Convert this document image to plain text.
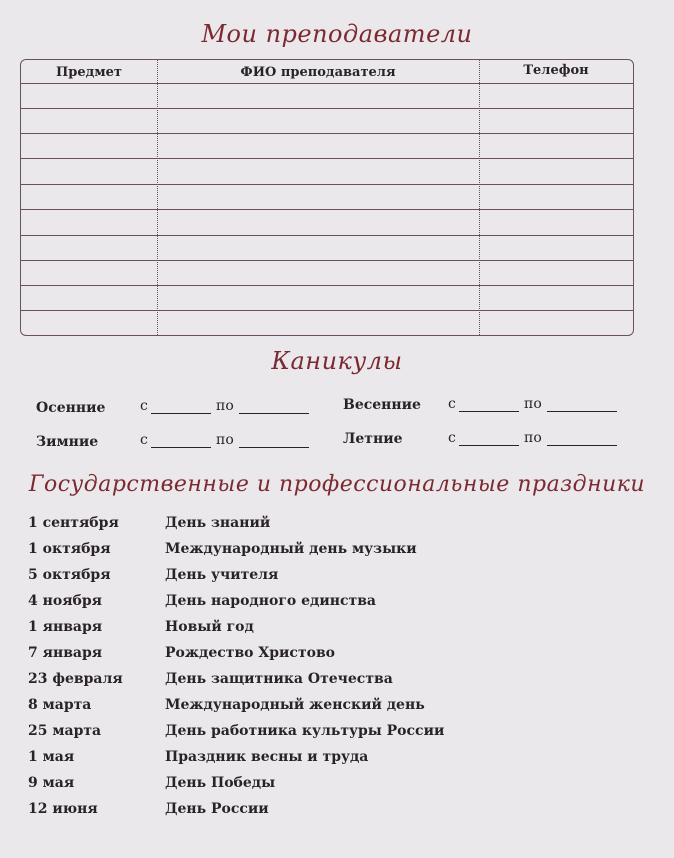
Мои преподаватели
Предмет	ФИО преподавателя	Телефон
Каникулы
Осенние с	по	Весенние с	по
Зимние	с	по	Летние	с	по
Государственные и профессиональные праздники
1 сентября	День знаний
1 октября	Международный день музыки
5 октября	День учителя
4 ноября	День народного единства
1 января	Новый год
7 января	Рождество Христово
23 февраля	День защитника Отечества
8 марта	Международный женский день
25 марта	День работника культуры России
1 мая	Праздник весны и труда
9 мая	День Победы
12 июня	День России
